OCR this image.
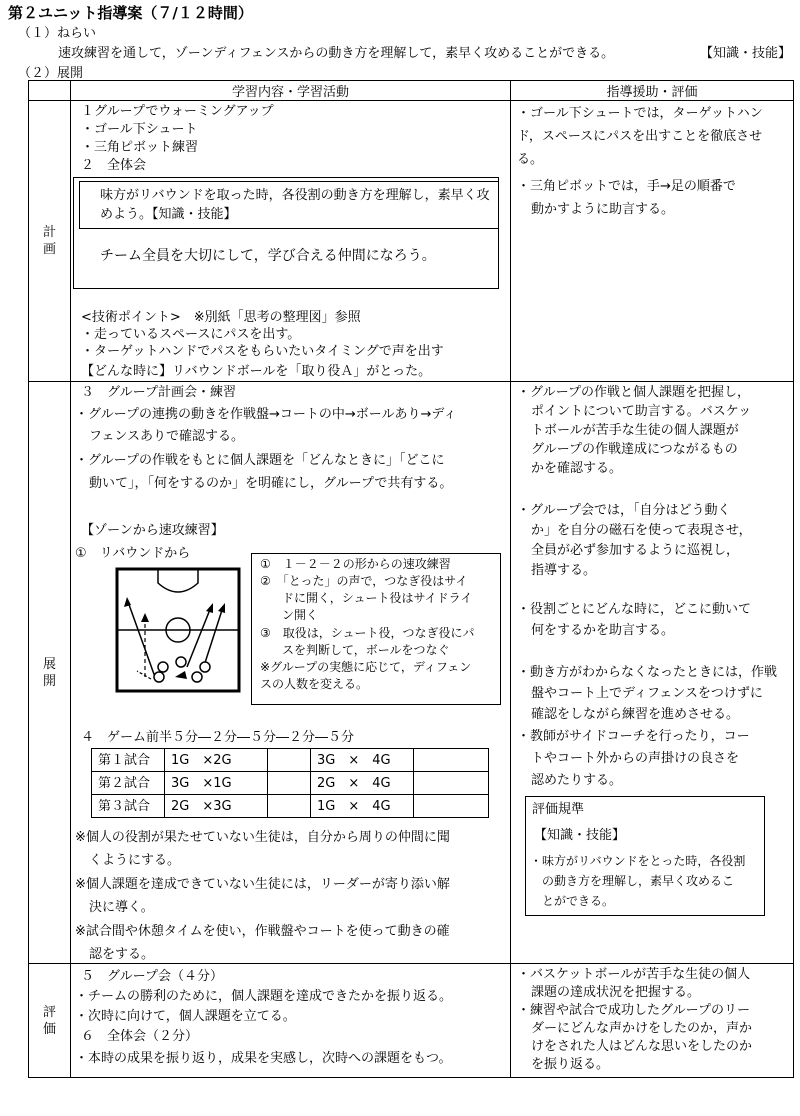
第２ユニット指導案（７/１２時間）
（１）ねらい
速攻練習を通して，ゾーンディフェンスからの動き方を理解して，素早く攻めることができる。	【知識・技能】
（２）展開
	学習内容・学習活動	指導援助・評価

計
画

１グループでウォーミングアップ
・ゴール下シュート
・三角ピボット練習
２　全体会
味方がリバウンドを取った時，各役割の動き方を理解し，素早く攻
めよう。【知識・技能】
チーム全員を大切にして，学び合える仲間になろう。
<技術ポイント>　※別紙「思考の整理図」参照
・走っているスペースにパスを出す。
・ターゲットハンドでパスをもらいたいタイミングで声を出す
【どんな時に】リバウンドボールを「取り役Ａ」がとった。

・ゴール下シュートでは，ターゲットハン
ド，スペースにパスを出すことを徹底させ
る。
・三角ピボットでは，手→足の順番で
動かすように助言する。

展
開

３　グループ計画会・練習
・グループの連携の動きを作戦盤→コートの中→ボールあり→ディ
フェンスありで確認する。
・グループの作戦をもとに個人課題を「どんなときに」「どこに
動いて」，「何をするのか」を明確にし，グループで共有する。
【ゾーンから速攻練習】
①　リバウンドから
①　１－２－２の形からの速攻練習
②　「とった」の声で，つなぎ役はサイ
ドに開く，シュート役はサイドライ
ン開く
③　取役は，シュート役，つなぎ役にパ
スを判断して，ボールをつなぐ
※グループの実態に応じて，ディフェン
スの人数を変える。
４　ゲーム前半５分―２分―５分―２分―５分
第１試合	1G　×2G		3G　×　4G	
第２試合	3G　×1G		2G　×　4G	
第３試合	2G　×3G		1G　×　4G	
※個人の役割が果たせていない生徒は，自分から周りの仲間に聞
くようにする。
※個人課題を達成できていない生徒には，リーダーが寄り添い解
決に導く。
※試合間や休憩タイムを使い，作戦盤やコートを使って動きの確
認をする。

・グループの作戦と個人課題を把握し，
ポイントについて助言する。バスケッ
トボールが苦手な生徒の個人課題が
グループの作戦達成につながるもの
かを確認する。
・グループ会では，「自分はどう動く
か」を自分の磁石を使って表現させ，
全員が必ず参加するように巡視し，
指導する。
・役割ごとにどんな時に，どこに動いて
何をするかを助言する。
・動き方がわからなくなったときには，作戦
盤やコート上でディフェンスをつけずに
確認をしながら練習を進めさせる。
・教師がサイドコーチを行ったり，コー
トやコート外からの声掛けの良さを
認めたりする。
評価規準
【知識・技能】
・味方がリバウンドをとった時，各役割
の動き方を理解し，素早く攻めるこ
とができる。

評
価

５　グループ会（４分）
・チームの勝利のために，個人課題を達成できたかを振り返る。
・次時に向けて，個人課題を立てる。
６　全体会（２分）
・本時の成果を振り返り，成果を実感し，次時への課題をもつ。

・バスケットボールが苦手な生徒の個人
課題の達成状況を把握する。
・練習や試合で成功したグループのリー
ダーにどんな声かけをしたのか，声か
けをされた人はどんな思いをしたのか
を振り返る。
